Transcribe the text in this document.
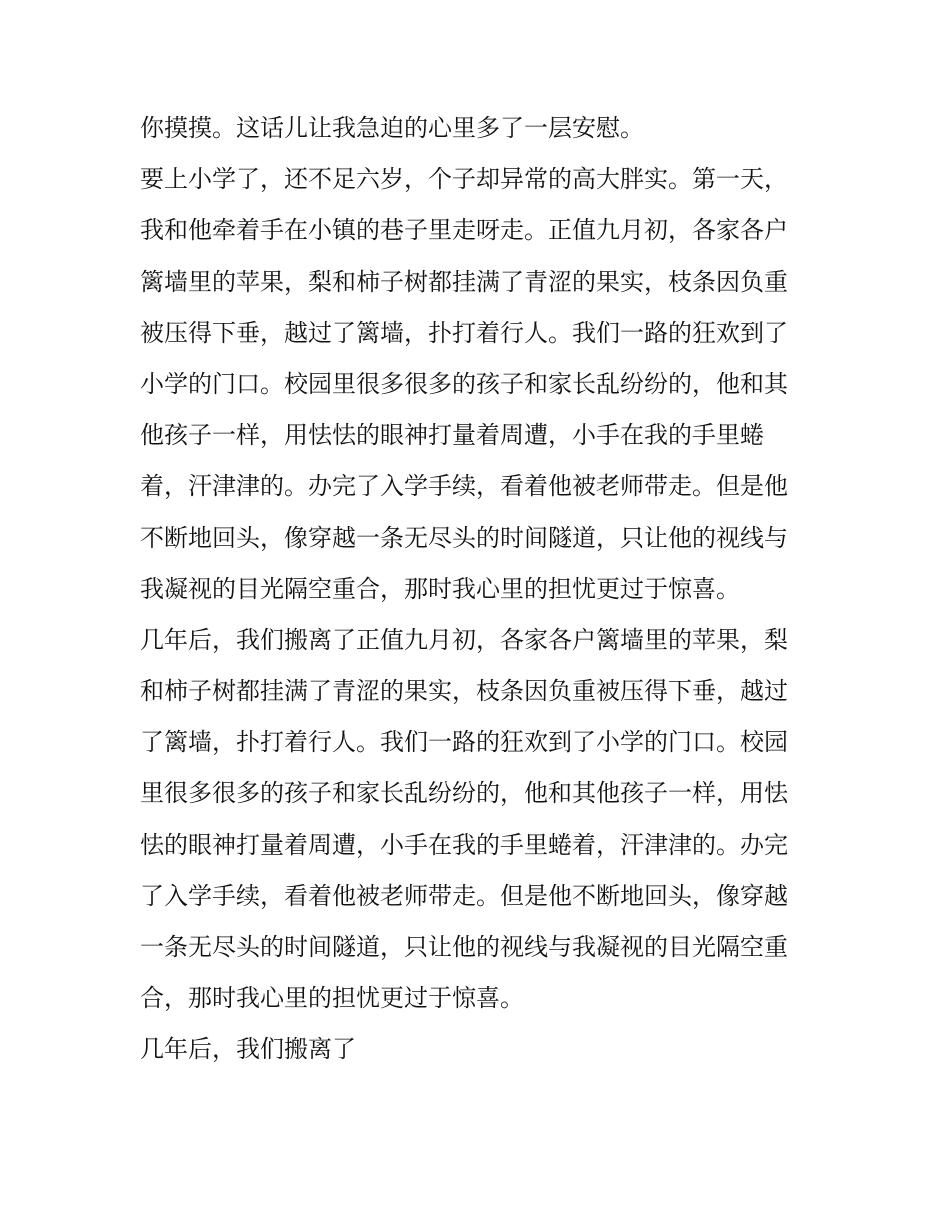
你摸摸。这话儿让我急迫的心里多了一层安慰。
要上小学了，还不足六岁，个子却异常的高大胖实。第一天，
我和他牵着手在小镇的巷子里走呀走。正值九月初，各家各户
篱墙里的苹果，梨和柿子树都挂满了青涩的果实，枝条因负重
被压得下垂，越过了篱墙，扑打着行人。我们一路的狂欢到了
小学的门口。校园里很多很多的孩子和家长乱纷纷的，他和其
他孩子一样，用怯怯的眼神打量着周遭，小手在我的手里蜷
着，汗津津的。办完了入学手续，看着他被老师带走。但是他
不断地回头，像穿越一条无尽头的时间隧道，只让他的视线与
我凝视的目光隔空重合，那时我心里的担忧更过于惊喜。
几年后，我们搬离了正值九月初，各家各户篱墙里的苹果，梨
和柿子树都挂满了青涩的果实，枝条因负重被压得下垂，越过
了篱墙，扑打着行人。我们一路的狂欢到了小学的门口。校园
里很多很多的孩子和家长乱纷纷的，他和其他孩子一样，用怯
怯的眼神打量着周遭，小手在我的手里蜷着，汗津津的。办完
了入学手续，看着他被老师带走。但是他不断地回头，像穿越
一条无尽头的时间隧道，只让他的视线与我凝视的目光隔空重
合，那时我心里的担忧更过于惊喜。
几年后，我们搬离了
